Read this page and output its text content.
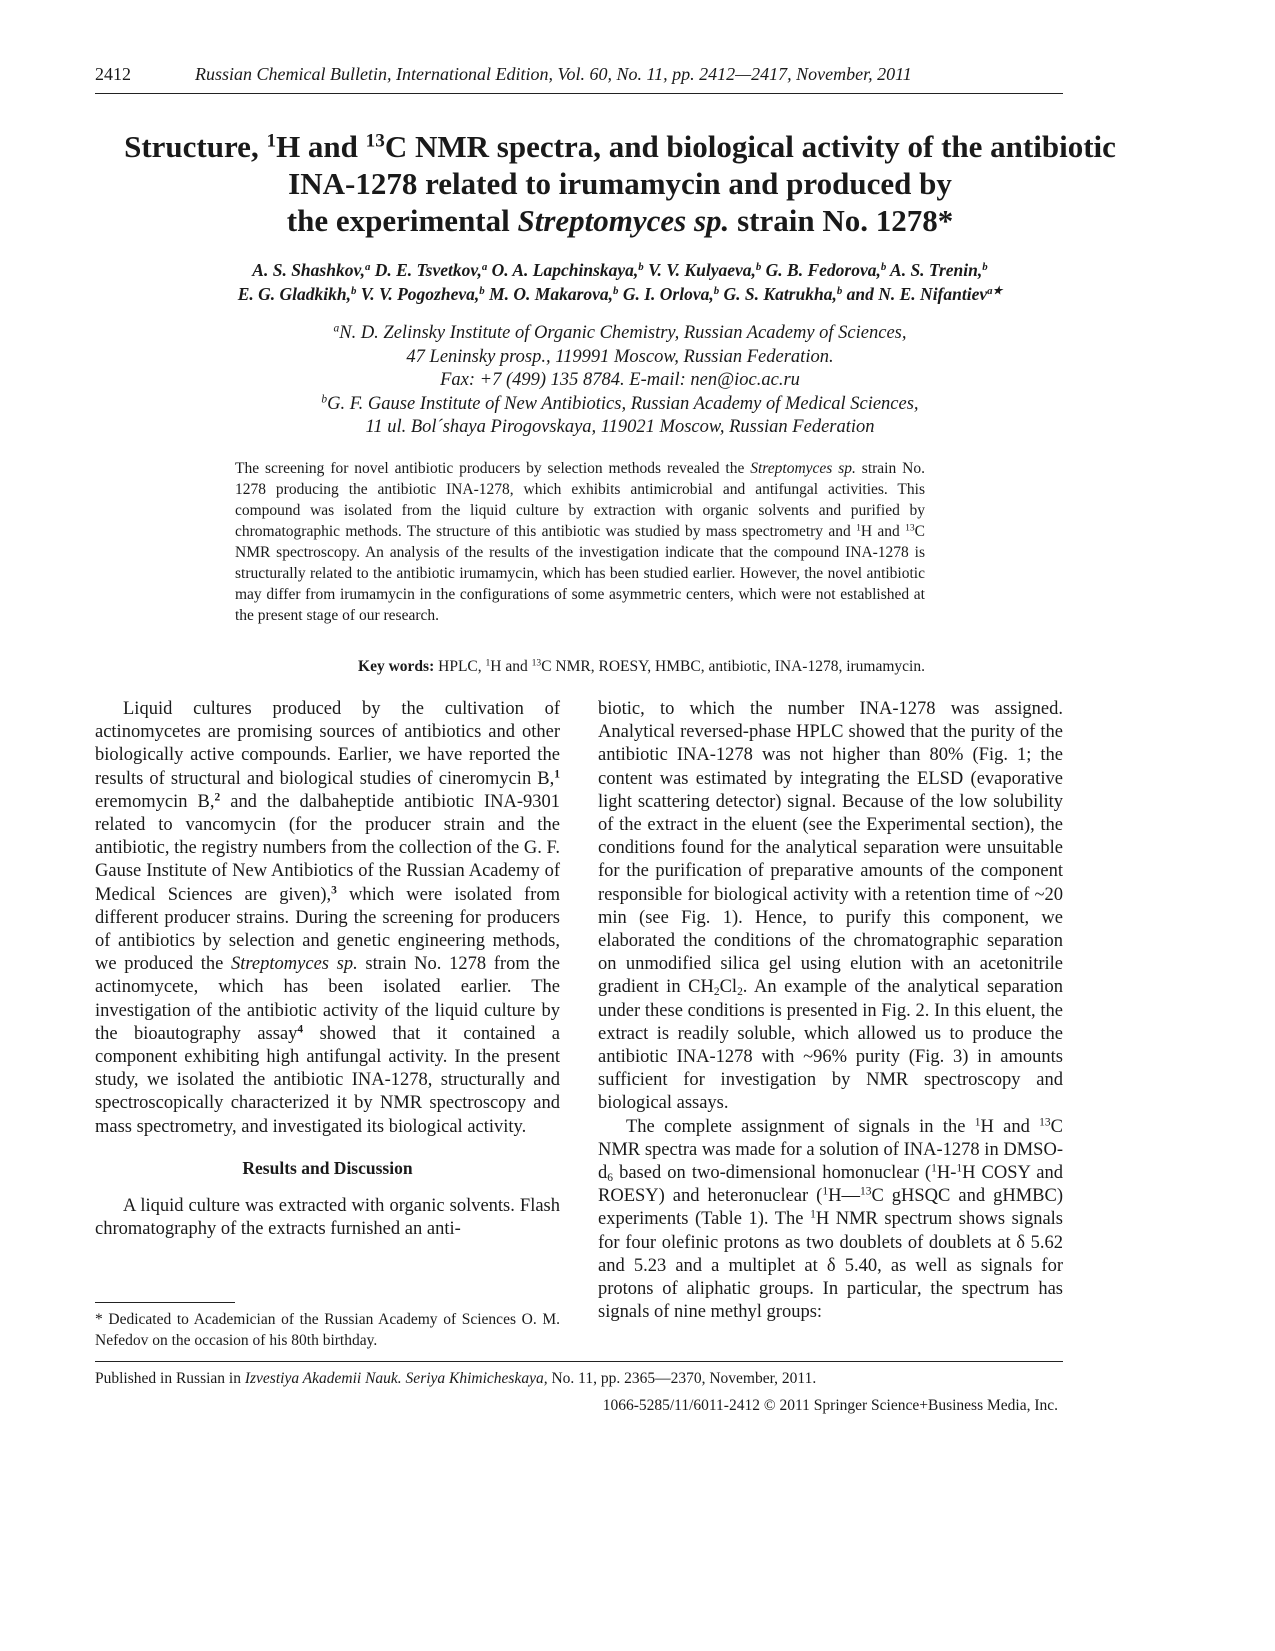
2412	Russian Chemical Bulletin, International Edition, Vol. 60, No. 11, pp. 2412—2417, November, 2011
Structure, $^1$H and $^{13}$C NMR spectra, and biological activity of the antibiotic
INA-1278 related to irumamycin and produced by
the experimental Streptomyces sp. strain No. 1278*
A. S. Shashkov,$^a$ D. E. Tsvetkov,$^a$ O. A. Lapchinskaya,$^b$ V. V. Kulyaeva,$^b$ G. B. Fedorova,$^b$ A. S. Trenin,$^b$
E. G. Gladkikh,$^b$ V. V. Pogozheva,$^b$ M. O. Makarova,$^b$ G. I. Orlova,$^b$ G. S. Katrukha,$^b$ and N. E. Nifantiev$^{a★}$
$^a$N. D. Zelinsky Institute of Organic Chemistry, Russian Academy of Sciences,
47 Leninsky prosp., 119991 Moscow, Russian Federation.
Fax: +7 (499) 135 8784. E-mail: nen@ioc.ac.ru
$^b$G. F. Gause Institute of New Antibiotics, Russian Academy of Medical Sciences,
11 ul. Bol´shaya Pirogovskaya, 119021 Moscow, Russian Federation
The screening for novel antibiotic producers by selection methods revealed the Streptomyces sp. strain No. 1278 producing the antibiotic INA-1278, which exhibits antimicrobial and antifungal activities. This compound was isolated from the liquid culture by extraction with organic solvents and purified by chromatographic methods. The structure of this antibiotic was studied by mass spectrometry and $^1$H and $^{13}$C NMR spectroscopy. An analysis of the results of the investigation indicate that the compound INA-1278 is structurally related to the antibiotic irumamycin, which has been studied earlier. However, the novel antibiotic may differ from irumamycin in the configurations of some asymmetric centers, which were not established at the present stage of our research.
Key words: HPLC, $^1$H and $^{13}$C NMR, ROESY, HMBC, antibiotic, INA-1278, irumamycin.

Liquid cultures produced by the cultivation of actinomycetes are promising sources of antibiotics and other biologically active compounds. Earlier, we have reported the results of structural and biological studies of cineromycin B,$^1$ eremomycin B,$^2$ and the dalbaheptide antibiotic INA-9301 related to vancomycin (for the producer strain and the antibiotic, the registry numbers from the collection of the G. F. Gause Institute of New Antibiotics of the Russian Academy of Medical Sciences are given),$^3$ which were isolated from different producer strains. During the screening for producers of antibiotics by selection and genetic engineering methods, we produced the Streptomyces sp. strain No. 1278 from the actinomycete, which has been isolated earlier. The investigation of the antibiotic activity of the liquid culture by the bioautography assay$^4$ showed that it contained a component exhibiting high antifungal activity. In the present study, we isolated the antibiotic INA-1278, structurally and spectroscopically characterized it by NMR spectroscopy and mass spectrometry, and investigated its biological activity.

Results and Discussion

A liquid culture was extracted with organic solvents. Flash chromatography of the extracts furnished an anti-

biotic, to which the number INA-1278 was assigned. Analytical reversed-phase HPLC showed that the purity of the antibiotic INA-1278 was not higher than 80% (Fig. 1; the content was estimated by integrating the ELSD (evaporative light scattering detector) signal. Because of the low solubility of the extract in the eluent (see the Experimental section), the conditions found for the analytical separation were unsuitable for the purification of preparative amounts of the component responsible for biological activity with a retention time of ~20 min (see Fig. 1). Hence, to purify this component, we elaborated the conditions of the chromatographic separation on unmodified silica gel using elution with an acetonitrile gradient in $CH_2Cl_2$. An example of the analytical separation under these conditions is presented in Fig. 2. In this eluent, the extract is readily soluble, which allowed us to produce the antibiotic INA-1278 with ~96% purity (Fig. 3) in amounts sufficient for investigation by NMR spectroscopy and biological assays.

The complete assignment of signals in the $^1$H and $^{13}$C NMR spectra was made for a solution of INA-1278 in DMSO-$d_6$ based on two-dimensional homonuclear ($^1$H-$^1$H COSY and ROESY) and heteronuclear ($^1$H—$^{13}$C gHSQC and gHMBC) experiments (Table 1). The $^1$H NMR spectrum shows signals for four olefinic protons as two doublets of doublets at δ 5.62 and 5.23 and a multiplet at δ 5.40, as well as signals for protons of aliphatic groups. In particular, the spectrum has signals of nine methyl groups:

* Dedicated to Academician of the Russian Academy of Sciences O. M. Nefedov on the occasion of his 80th birthday.
Published in Russian in Izvestiya Akademii Nauk. Seriya Khimicheskaya, No. 11, pp. 2365—2370, November, 2011.
1066-5285/11/6011-2412 © 2011 Springer Science+Business Media, Inc.
